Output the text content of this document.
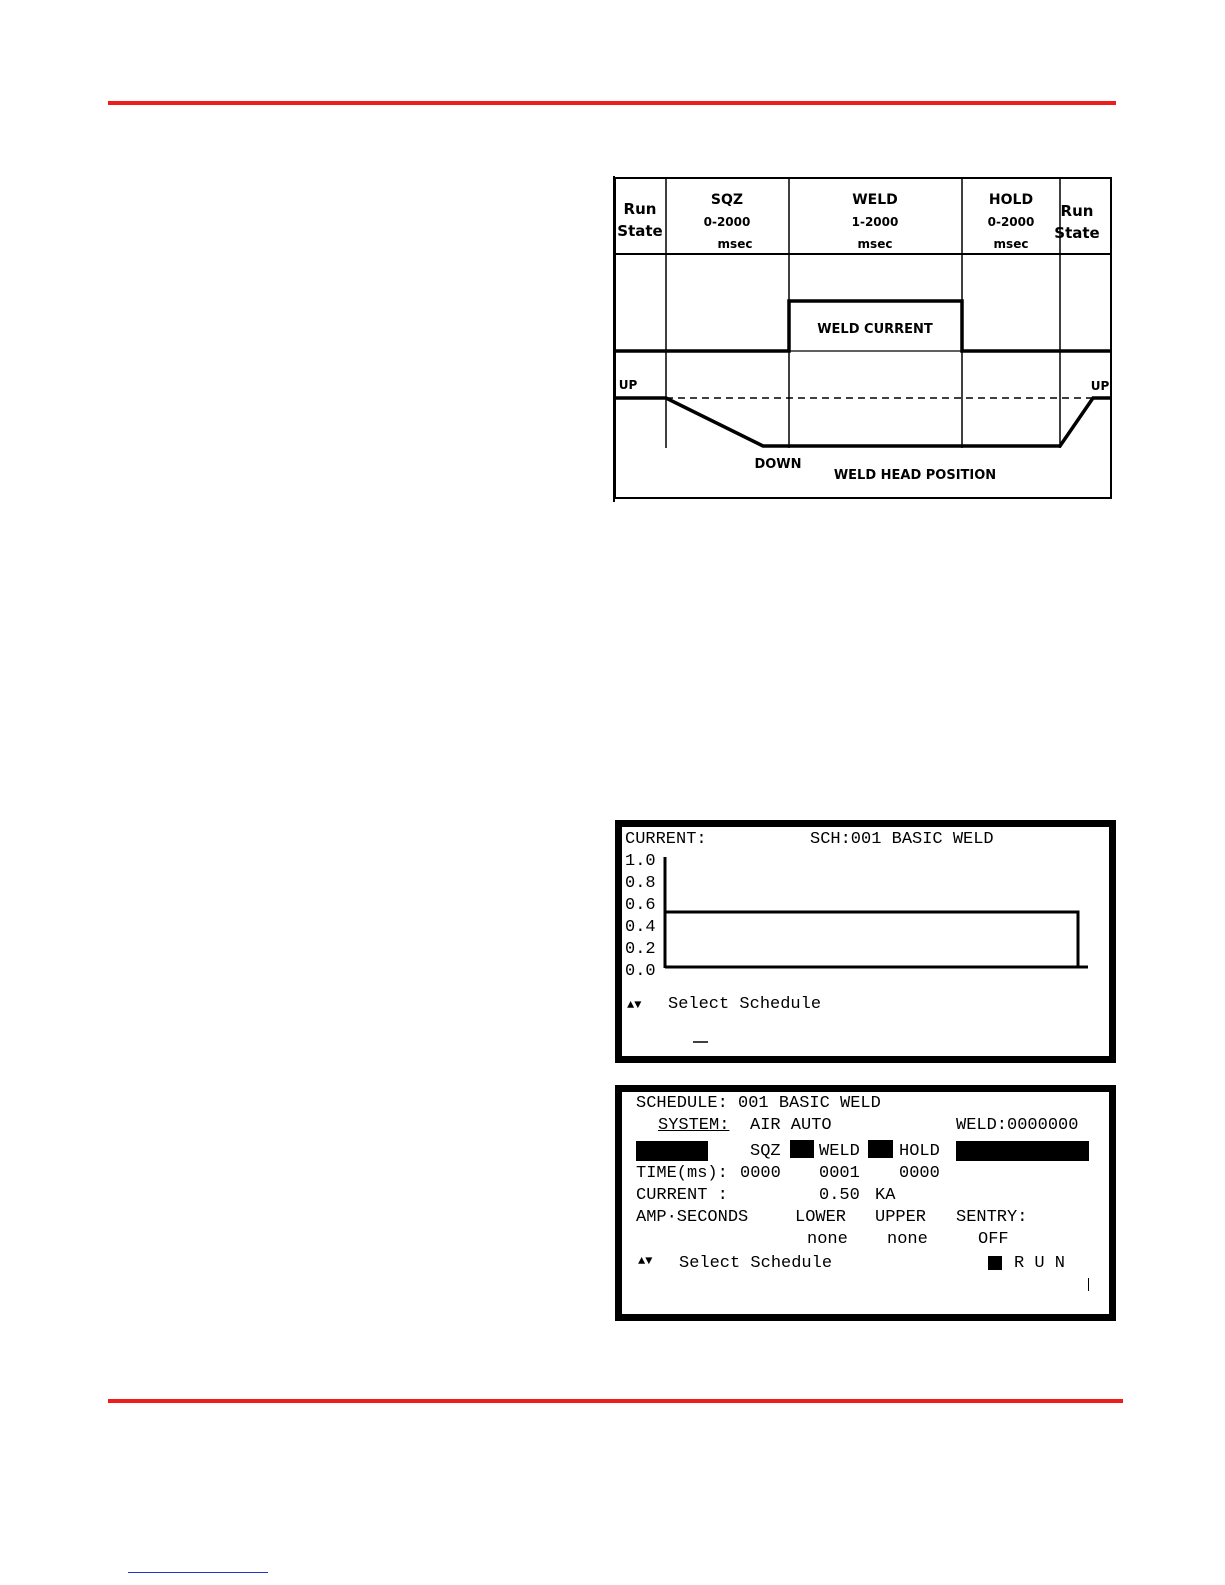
Run
State
SQZ
0-2000
msec
WELD
1-2000
msec
HOLD
0-2000
msec
Run
State
WELD CURRENT
UP	UP
DOWN
WELD HEAD POSITION
CURRENT:	SCH:001 BASIC WELD
1.0
0.8
0.6
0.4
0.2
0.0
▲▼ Select Schedule
SCHEDULE: 001 BASIC WELD
SYSTEM: AIR AUTO	WELD:0000000
SQZ WELD HOLD
TIME(ms): 0000 0001 0000
CURRENT :	0.50 KA
AMP·SECONDS	LOWER UPPER SENTRY:
none none	OFF
▲▼ Select Schedule	R U N
